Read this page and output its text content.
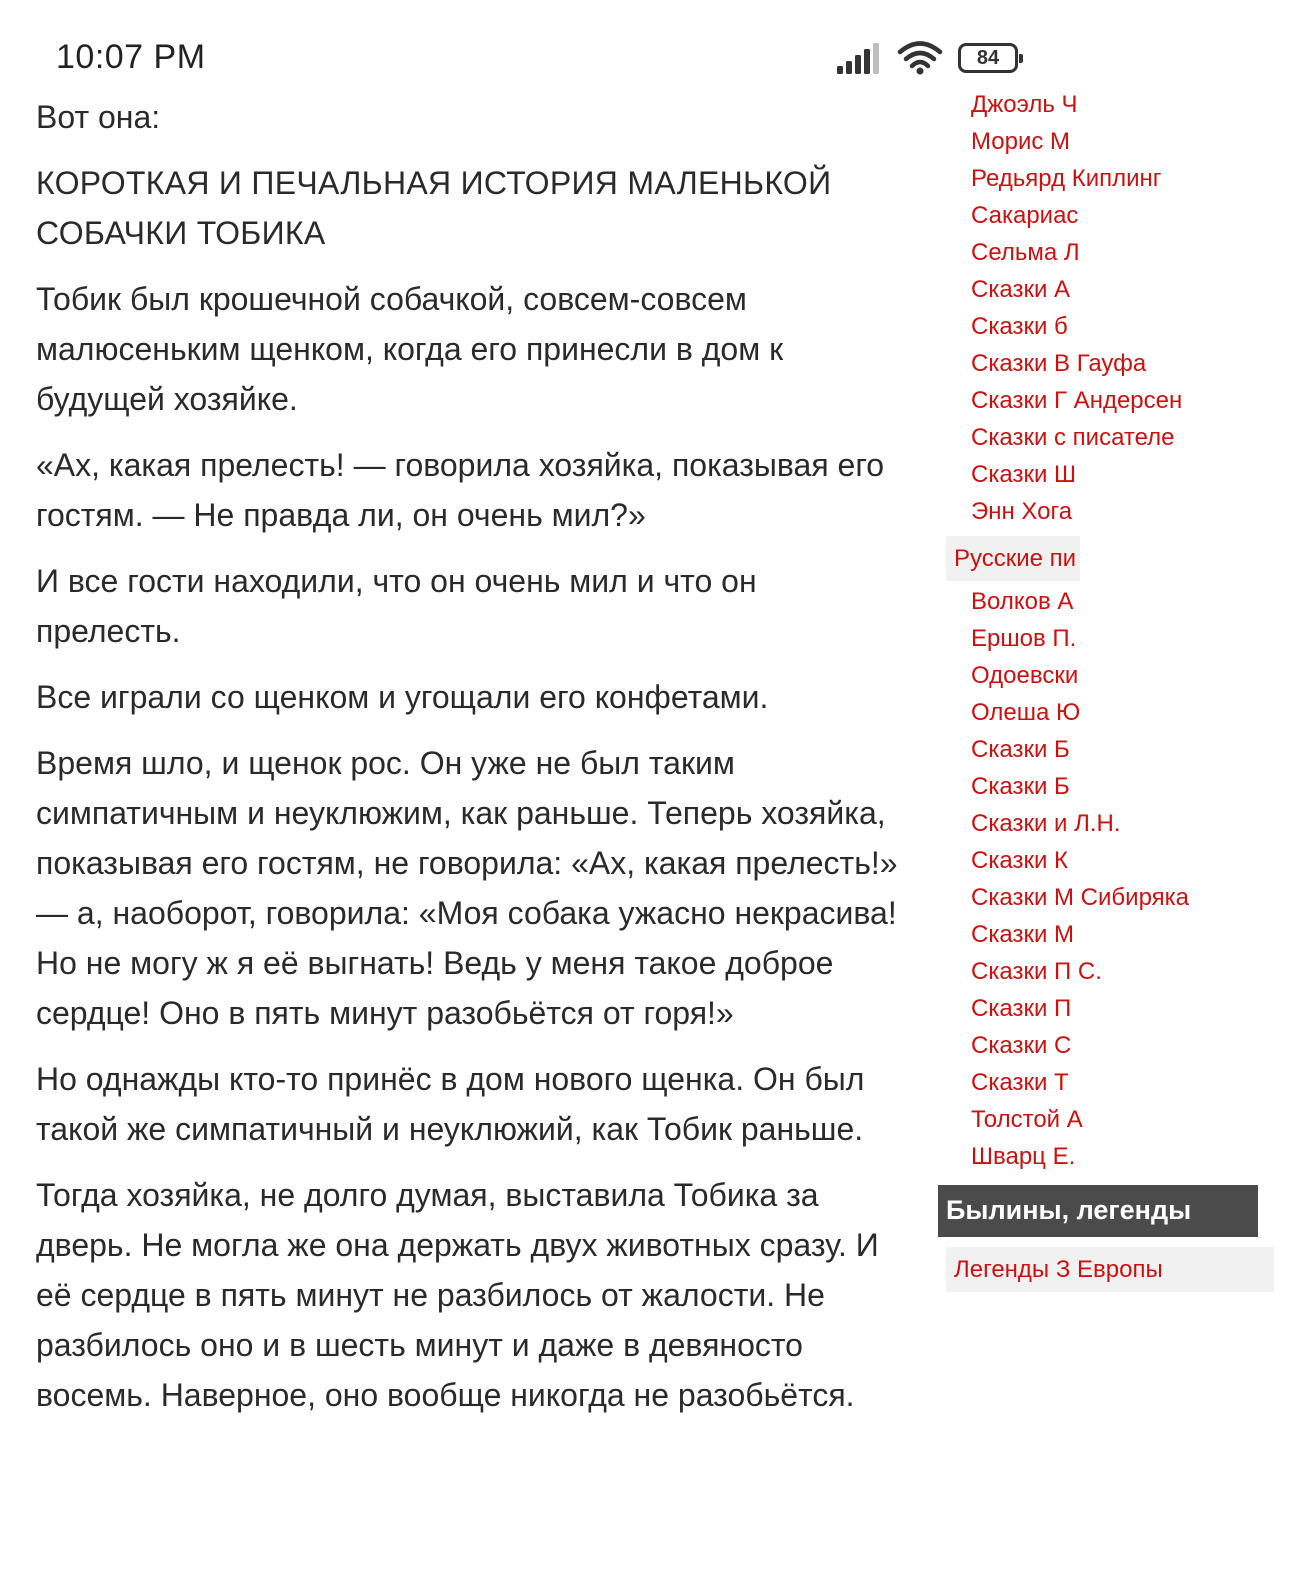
10:07 PM	84

Вот она:

КОРОТКАЯ И ПЕЧАЛЬНАЯ ИСТОРИЯ МАЛЕНЬКОЙ СОБАЧКИ ТОБИКА

Тобик был крошечной собачкой, совсем-совсем малюсеньким щенком, когда его принесли в дом к будущей хозяйке.

«Ах, какая прелесть! — говорила хозяйка, показывая его гостям. — Не правда ли, он очень мил?»

И все гости находили, что он очень мил и что он прелесть.

Все играли со щенком и угощали его конфетами.

Время шло, и щенок рос. Он уже не был таким симпатичным и неуклюжим, как раньше. Теперь хозяйка, показывая его гостям, не говорила: «Ах, какая прелесть!» — а, наоборот, говорила: «Моя собака ужасно некрасива! Но не могу ж я её выгнать! Ведь у меня такое доброе сердце! Оно в пять минут разобьётся от горя!»

Но однажды кто-то принёс в дом нового щенка. Он был такой же симпатичный и неуклюжий, как Тобик раньше.

Тогда хозяйка, не долго думая, выставила Тобика за дверь. Не могла же она держать двух животных сразу. И её сердце в пять минут не разбилось от жалости. Не разбилось оно и в шесть минут и даже в девяносто восемь. Наверное, оно вообще никогда не разобьётся.

Джоэль Ч
Морис М
Редьярд Киплинг
Сакариас
Сельма Л
Сказки А
Сказки б
Сказки В Гауфа
Сказки Г Андерсен
Сказки с писателе
Сказки Ш
Энн Хога
Русские пи
Волков А
Ершов П.
Одоевски
Олеша Ю
Сказки Б
Сказки Б
Сказки и Л.Н.
Сказки К
Сказки М Сибиряка
Сказки М
Сказки П С.
Сказки П
Сказки С
Сказки Т
Толстой А
Шварц Е.
Былины, легенды
Легенды З Европы
